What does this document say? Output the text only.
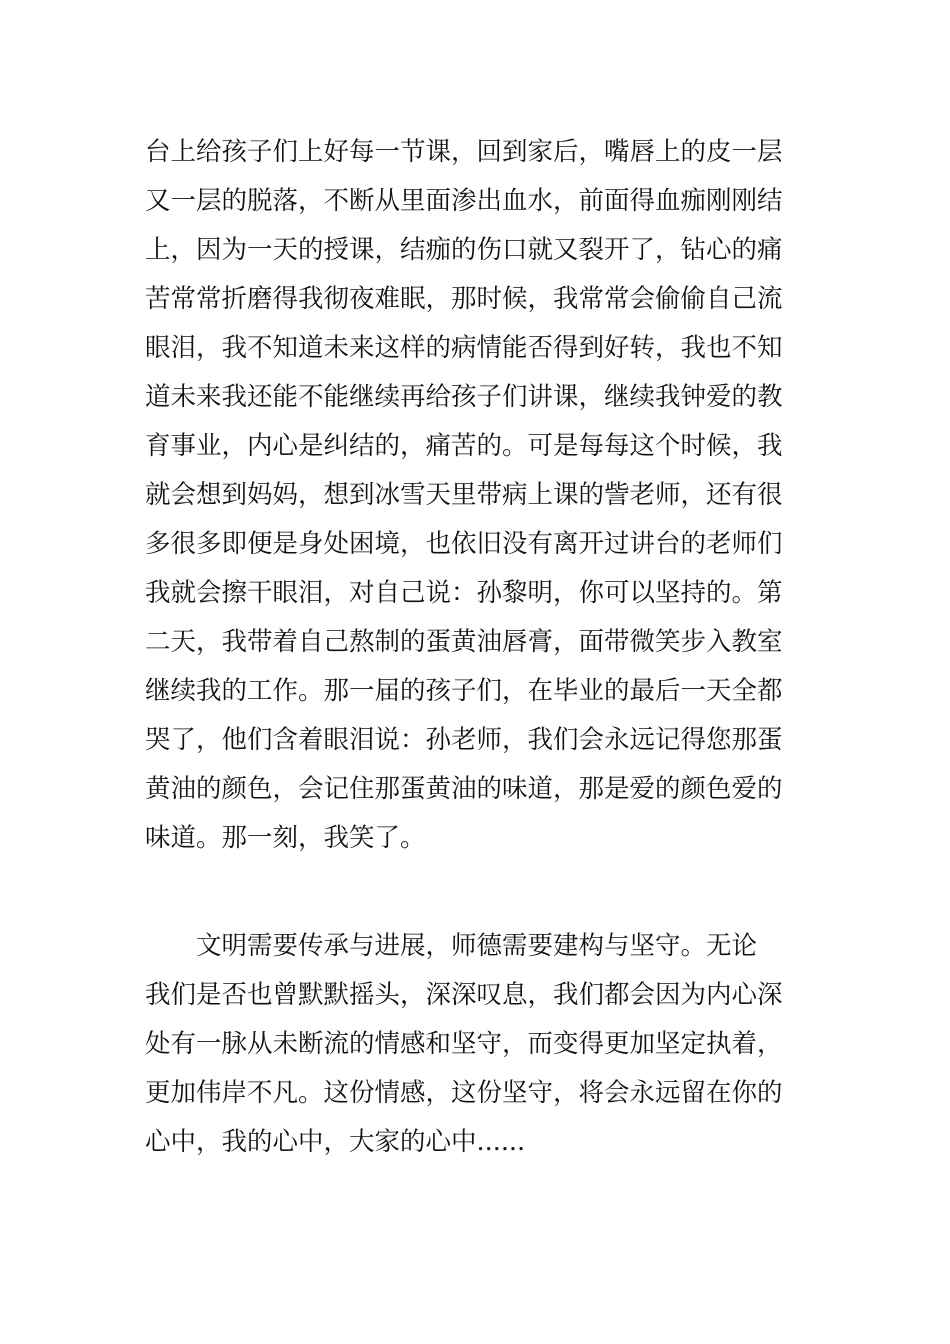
台上给孩子们上好每一节课，回到家后，嘴唇上的皮一层
又一层的脱落，不断从里面渗出血水，前面得血痂刚刚结
上，因为一天的授课，结痂的伤口就又裂开了，钻心的痛
苦常常折磨得我彻夜难眠，那时候，我常常会偷偷自己流
眼泪，我不知道未来这样的病情能否得到好转，我也不知
道未来我还能不能继续再给孩子们讲课，继续我钟爱的教
育事业，内心是纠结的，痛苦的。可是每每这个时候，我
就会想到妈妈，想到冰雪天里带病上课的訾老师，还有很
多很多即便是身处困境，也依旧没有离开过讲台的老师们
我就会擦干眼泪，对自己说：孙黎明，你可以坚持的。第
二天，我带着自己熬制的蛋黄油唇膏，面带微笑步入教室
继续我的工作。那一届的孩子们，在毕业的最后一天全都
哭了，他们含着眼泪说：孙老师，我们会永远记得您那蛋
黄油的颜色，会记住那蛋黄油的味道，那是爱的颜色爱的
味道。那一刻，我笑了。
　　文明需要传承与进展，师德需要建构与坚守。无论
我们是否也曾默默摇头，深深叹息，我们都会因为内心深
处有一脉从未断流的情感和坚守，而变得更加坚定执着，
更加伟岸不凡。这份情感，这份坚守，将会永远留在你的
心中，我的心中，大家的心中......
